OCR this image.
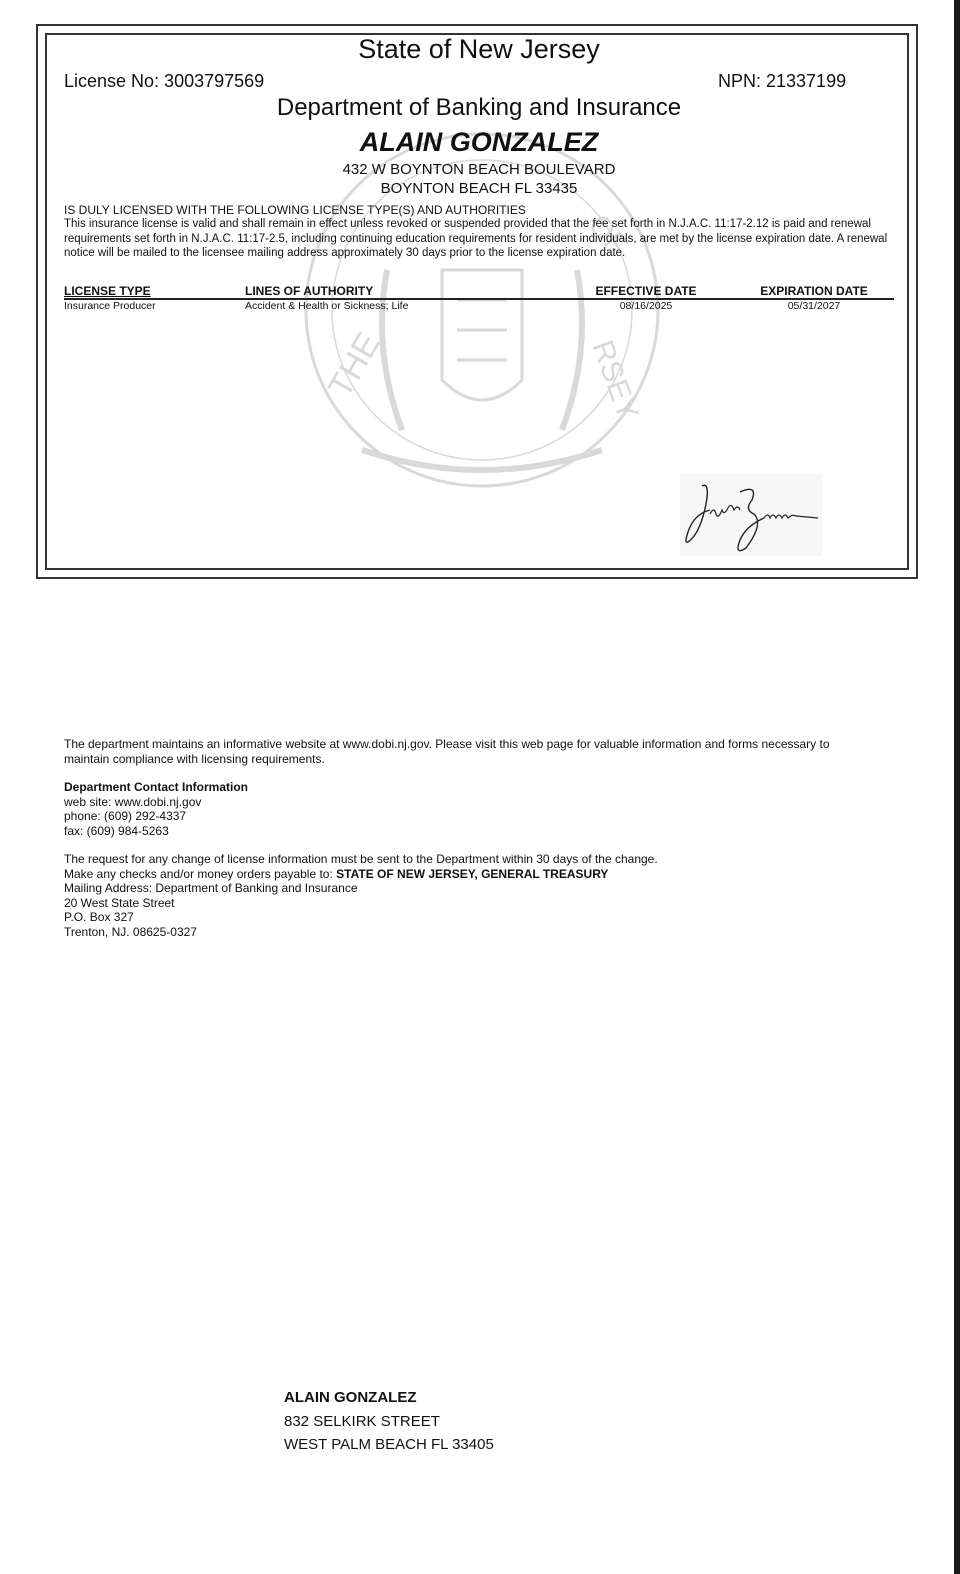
THE
OF
RSEY
State of New Jersey
License No: 3003797569	NPN: 21337199
Department of Banking and Insurance
ALAIN GONZALEZ
432 W BOYNTON BEACH BOULEVARD
BOYNTON BEACH FL 33435
IS DULY LICENSED WITH THE FOLLOWING LICENSE TYPE(S) AND AUTHORITIES
This insurance license is valid and shall remain in effect unless revoked or suspended provided that the fee set forth in N.J.A.C. 11:17-2.12 is paid and renewal requirements set forth in N.J.A.C. 11:17-2.5, including continuing education requirements for resident individuals, are met by the license expiration date. A renewal notice will be mailed to the licensee mailing address approximately 30 days prior to the license expiration date.
LICENSE TYPE	LINES OF AUTHORITY	EFFECTIVE DATE	EXPIRATION DATE
Insurance Producer	Accident & Health or Sickness; Life	08/16/2025	05/31/2027
The department maintains an informative website at www.dobi.nj.gov. Please visit this web page for valuable information and forms necessary to maintain compliance with licensing requirements.
Department Contact Information
web site: www.dobi.nj.gov
phone: (609) 292-4337
fax: (609) 984-5263
The request for any change of license information must be sent to the Department within 30 days of the change.
Make any checks and/or money orders payable to: STATE OF NEW JERSEY, GENERAL TREASURY
Mailing Address: Department of Banking and Insurance
20 West State Street
P.O. Box 327
Trenton, NJ. 08625-0327
ALAIN GONZALEZ
832 SELKIRK STREET
WEST PALM BEACH FL 33405
